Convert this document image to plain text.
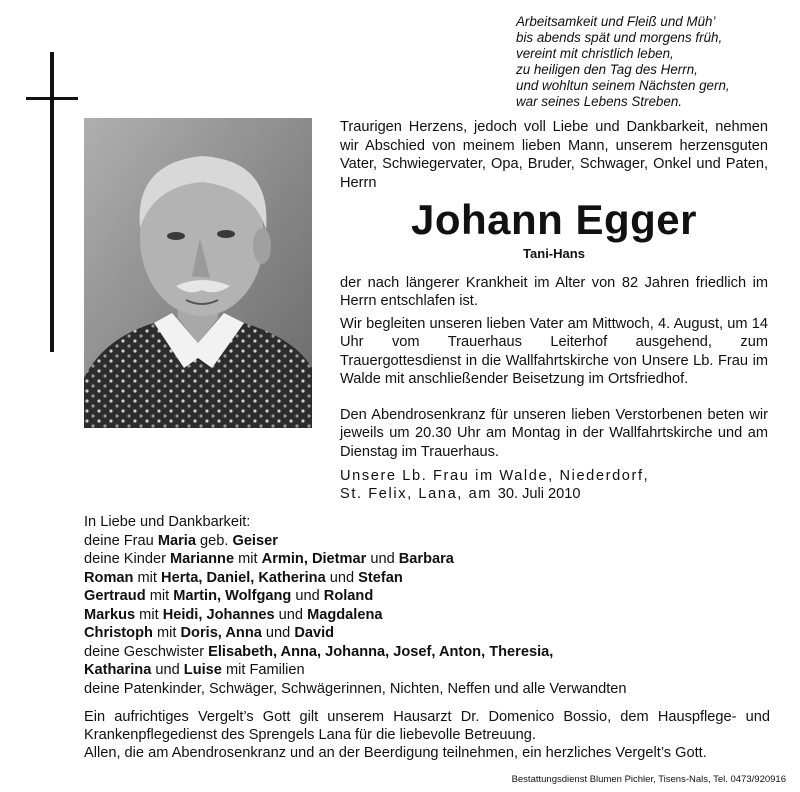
Arbeitsamkeit und Fleiß und Müh’
bis abends spät und morgens früh,
vereint mit christlich leben,
zu heiligen den Tag des Herrn,
und wohltun seinem Nächsten gern,
war seines Lebens Streben.
Traurigen Herzens, jedoch voll Liebe und Dankbarkeit, nehmen wir Abschied von meinem lieben Mann, unserem herzensguten Vater, Schwiegervater, Opa, Bruder, Schwager, Onkel und Paten, Herrn
Johann Egger
Tani-Hans
der nach längerer Krankheit im Alter von 82 Jahren friedlich im Herrn entschlafen ist.
Wir begleiten unseren lieben Vater am Mittwoch, 4. August, um 14 Uhr vom Trauerhaus Leiterhof ausgehend, zum Trauergottesdienst in die Wallfahrtskirche von Unsere Lb. Frau im Walde mit anschließender Beisetzung im Ortsfriedhof.
Den Abendrosenkranz für unseren lieben Verstorbenen beten wir jeweils um 20.30 Uhr am Montag in der Wallfahrtskirche und am Dienstag im Trauerhaus.
Unsere Lb. Frau im Walde, Niederdorf,
St. Felix, Lana, am 30. Juli 2010
In Liebe und Dankbarkeit:
deine Frau Maria geb. Geiser
deine Kinder Marianne mit Armin, Dietmar und Barbara
Roman mit Herta, Daniel, Katherina und Stefan
Gertraud mit Martin, Wolfgang und Roland
Markus mit Heidi, Johannes und Magdalena
Christoph mit Doris, Anna und David
deine Geschwister Elisabeth, Anna, Johanna, Josef, Anton, Theresia,
Katharina und Luise mit Familien
deine Patenkinder, Schwäger, Schwägerinnen, Nichten, Neffen und alle Verwandten
Ein aufrichtiges Vergelt’s Gott gilt unserem Hausarzt Dr. Domenico Bossio, dem Hauspflege- und Krankenpflegedienst des Sprengels Lana für die liebevolle Betreuung.
Allen, die am Abendrosenkranz und an der Beerdigung teilnehmen, ein herzliches Vergelt’s Gott.
Bestattungsdienst Blumen Pichler, Tisens-Nals, Tel. 0473/920916
